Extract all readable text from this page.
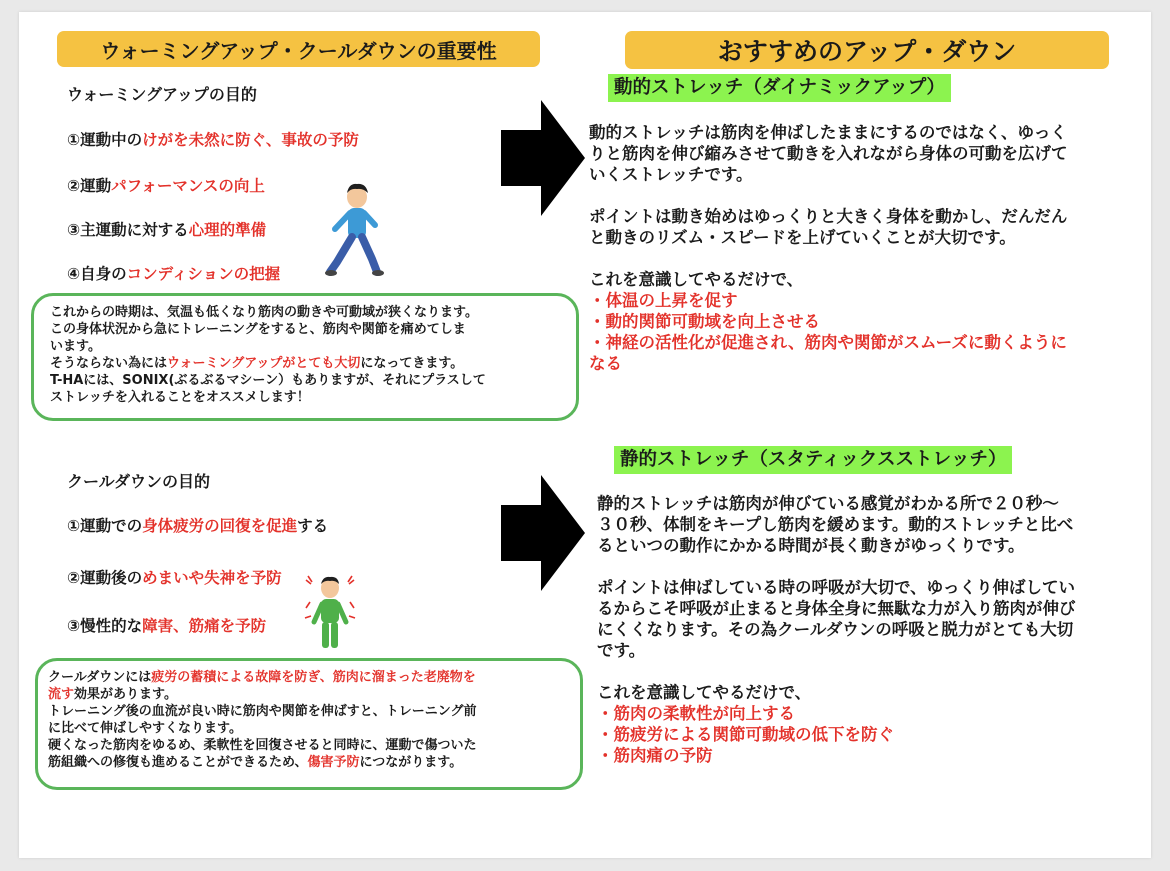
ウォーミングアップ・クールダウンの重要性	おすすめのアップ・ダウン
ウォーミングアップの目的
①運動中のけがを未然に防ぐ、事故の予防
②運動パフォーマンスの向上
③主運動に対する心理的準備
④自身のコンディションの把握

これからの時期は、気温も低くなり筋肉の動きや可動域が狭くなります。

この身体状況から急にトレーニングをすると、筋肉や関節を痛めてしま

います。

そうならない為にはウォーミングアップがとても大切になってきます。

T-HAには、SONIX(ぶるぶるマシーン）もありますが、それにプラスして

ストレッチを入れることをオススメします！

クールダウンの目的
①運動での身体疲労の回復を促進する
②運動後のめまいや失神を予防
③慢性的な障害、筋痛を予防

クールダウンには疲労の蓄積による故障を防ぎ、筋肉に溜まった老廃物を

流す効果があります。

トレーニング後の血流が良い時に筋肉や関節を伸ばすと、トレーニング前

に比べて伸ばしやすくなります。

硬くなった筋肉をゆるめ、柔軟性を回復させると同時に、運動で傷ついた

筋組織への修復も進めることができるため、傷害予防につながります。

動的ストレッチ（ダイナミックアップ）

動的ストレッチは筋肉を伸ばしたままにするのではなく、ゆっく

りと筋肉を伸び縮みさせて動きを入れながら身体の可動を広げて

いくストレッチです。

ポイントは動き始めはゆっくりと大きく身体を動かし、だんだん

と動きのリズム・スピードを上げていくことが大切です。

これを意識してやるだけで、

・体温の上昇を促す

・動的関節可動域を向上させる

・神経の活性化が促進され、筋肉や関節がスムーズに動くように

なる

静的ストレッチ（スタティックスストレッチ）

静的ストレッチは筋肉が伸びている感覚がわかる所で２０秒～

３０秒、体制をキープし筋肉を緩めます。動的ストレッチと比べ

るといつの動作にかかる時間が長く動きがゆっくりです。

ポイントは伸ばしている時の呼吸が大切で、ゆっくり伸ばしてい

るからこそ呼吸が止まると身体全身に無駄な力が入り筋肉が伸び

にくくなります。その為クールダウンの呼吸と脱力がとても大切

です。

これを意識してやるだけで、

・筋肉の柔軟性が向上する

・筋疲労による関節可動域の低下を防ぐ

・筋肉痛の予防
